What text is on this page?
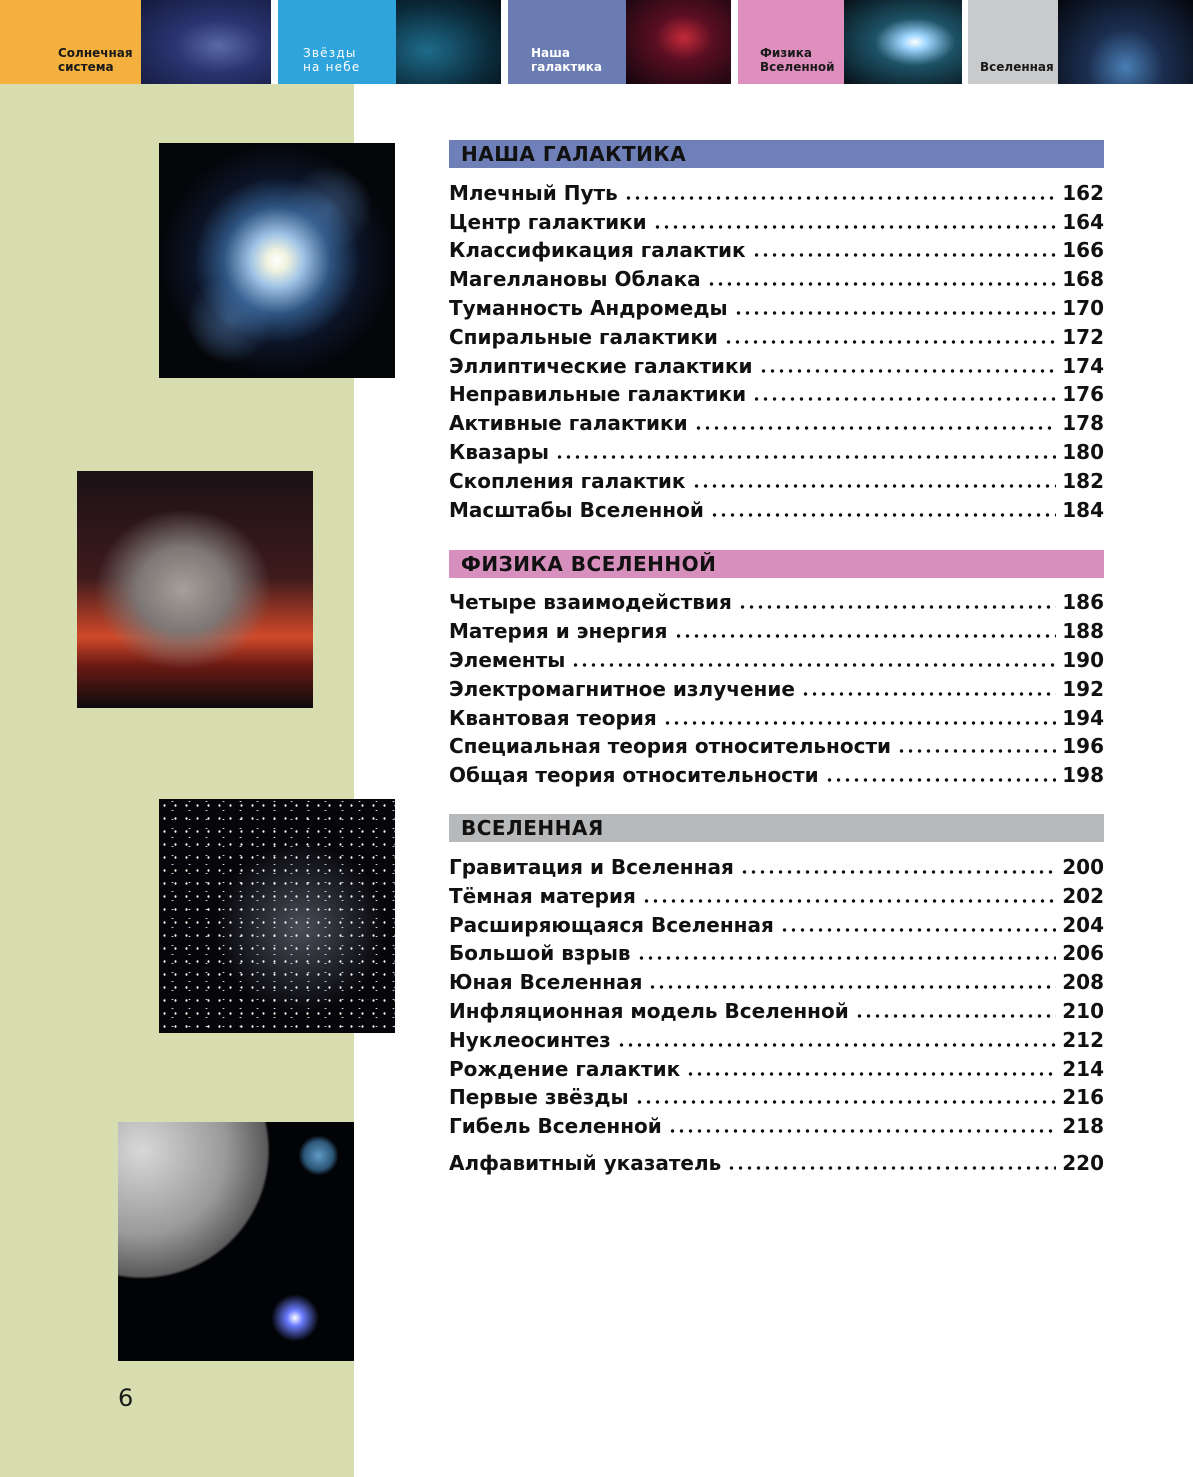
Солнечная
система
Звёзды
на небе
Наша
галактика
Физика
Вселенной	Вселенная
6
НАША ГАЛАКТИКА
Млечный Путь	162
Центр галактики	164
Классификация галактик	166
Магеллановы Облака	168
Туманность Андромеды	170
Спиральные галактики	172
Эллиптические галактики	174
Неправильные галактики	176
Активные галактики	178
Квазары	180
Скопления галактик	182
Масштабы Вселенной	184
ФИЗИКА ВСЕЛЕННОЙ
Четыре взаимодействия	186
Материя и энергия	188
Элементы	190
Электромагнитное излучение	192
Квантовая теория	194
Специальная теория относительности	196
Общая теория относительности	198
ВСЕЛЕННАЯ
Гравитация и Вселенная	200
Тёмная материя	202
Расширяющаяся Вселенная	204
Большой взрыв	206
Юная Вселенная	208
Инфляционная модель Вселенной	210
Нуклеосинтез	212
Рождение галактик	214
Первые звёзды	216
Гибель Вселенной	218
Алфавитный указатель	220
